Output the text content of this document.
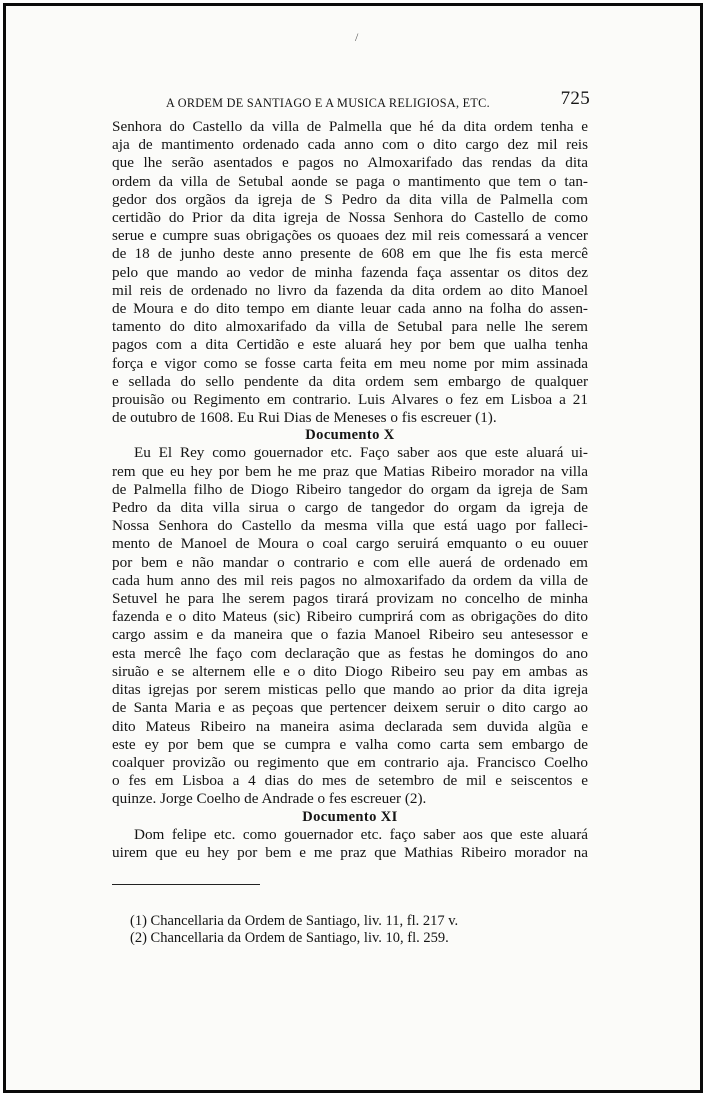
A ORDEM DE SANTIAGO E A MUSICA RELIGIOSA, ETC.	725

Senhora do Castello da villa de Palmella que hé da dita ordem tenha e
aja de mantimento ordenado cada anno com o dito cargo dez mil reis
que lhe serão asentados e pagos no Almoxarifado das rendas da dita
ordem da villa de Setubal aonde se paga o mantimento que tem o tan-
gedor dos orgãos da igreja de S Pedro da dita villa de Palmella com
certidão do Prior da dita igreja de Nossa Senhora do Castello de como
serue e cumpre suas obrigações os quoaes dez mil reis comessará a vencer
de 18 de junho deste anno presente de 608 em que lhe fis esta mercê
pelo que mando ao vedor de minha fazenda faça assentar os ditos dez
mil reis de ordenado no livro da fazenda da dita ordem ao dito Manoel
de Moura e do dito tempo em diante leuar cada anno na folha do assen-
tamento do dito almoxarifado da villa de Setubal para nelle lhe serem
pagos com a dita Certidão e este aluará hey por bem que ualha tenha
força e vigor como se fosse carta feita em meu nome por mim assinada
e sellada do sello pendente da dita ordem sem embargo de qualquer
prouisão ou Regimento em contrario. Luis Alvares o fez em Lisboa a 21
de outubro de 1608. Eu Rui Dias de Meneses o fis escreuer (1).

Documento X

Eu El Rey como gouernador etc. Faço saber aos que este aluará ui-
rem que eu hey por bem he me praz que Matias Ribeiro morador na villa
de Palmella filho de Diogo Ribeiro tangedor do orgam da igreja de Sam
Pedro da dita villa sirua o cargo de tangedor do orgam da igreja de
Nossa Senhora do Castello da mesma villa que está uago por falleci-
mento de Manoel de Moura o coal cargo seruirá emquanto o eu ouuer
por bem e não mandar o contrario e com elle auerá de ordenado em
cada hum anno des mil reis pagos no almoxarifado da ordem da villa de
Setuvel he para lhe serem pagos tirará provizam no concelho de minha
fazenda e o dito Mateus (sic) Ribeiro cumprirá com as obrigações do dito
cargo assim e da maneira que o fazia Manoel Ribeiro seu antesessor e
esta mercê lhe faço com declaração que as festas he domingos do ano
siruão e se alternem elle e o dito Diogo Ribeiro seu pay em ambas as
ditas igrejas por serem misticas pello que mando ao prior da dita igreja
de Santa Maria e as peçoas que pertencer deixem seruir o dito cargo ao
dito Mateus Ribeiro na maneira asima declarada sem duvida algũa e
este ey por bem que se cumpra e valha como carta sem embargo de
coalquer provizão ou regimento que em contrario aja. Francisco Coelho
o fes em Lisboa a 4 dias do mes de setembro de mil e seiscentos e
quinze. Jorge Coelho de Andrade o fes escreuer (2).

Documento XI

Dom felipe etc. como gouernador etc. faço saber aos que este aluará
uirem que eu hey por bem e me praz que Mathias Ribeiro morador na

(1) Chancellaria da Ordem de Santiago, liv. 11, fl. 217 v.
(2) Chancellaria da Ordem de Santiago, liv. 10, fl. 259.
/
